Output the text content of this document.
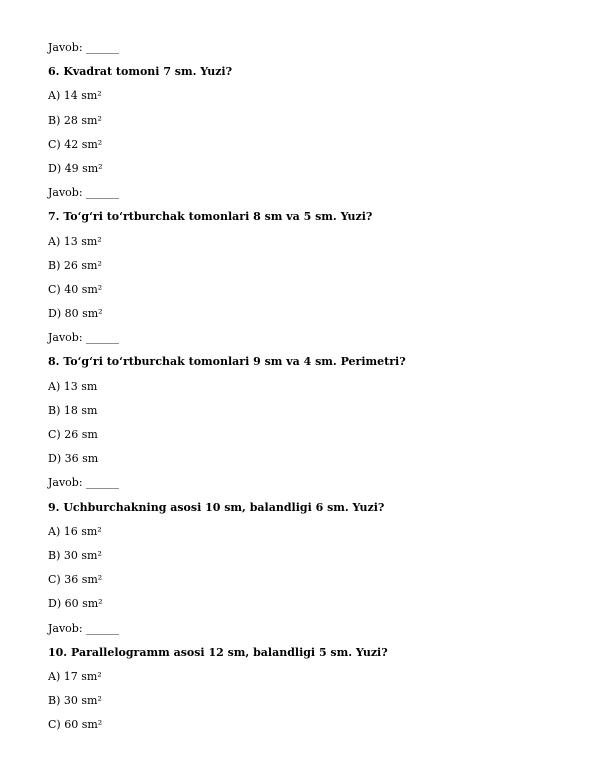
Javob: ______
6. Kvadrat tomoni 7 sm. Yuzi?
A) 14 sm²
B) 28 sm²
C) 42 sm²
D) 49 sm²
Javob: ______
7. To‘g‘ri to‘rtburchak tomonlari 8 sm va 5 sm. Yuzi?
A) 13 sm²
B) 26 sm²
C) 40 sm²
D) 80 sm²
Javob: ______
8. To‘g‘ri to‘rtburchak tomonlari 9 sm va 4 sm. Perimetri?
A) 13 sm
B) 18 sm
C) 26 sm
D) 36 sm
Javob: ______
9. Uchburchakning asosi 10 sm, balandligi 6 sm. Yuzi?
A) 16 sm²
B) 30 sm²
C) 36 sm²
D) 60 sm²
Javob: ______
10. Parallelogramm asosi 12 sm, balandligi 5 sm. Yuzi?
A) 17 sm²
B) 30 sm²
C) 60 sm²
